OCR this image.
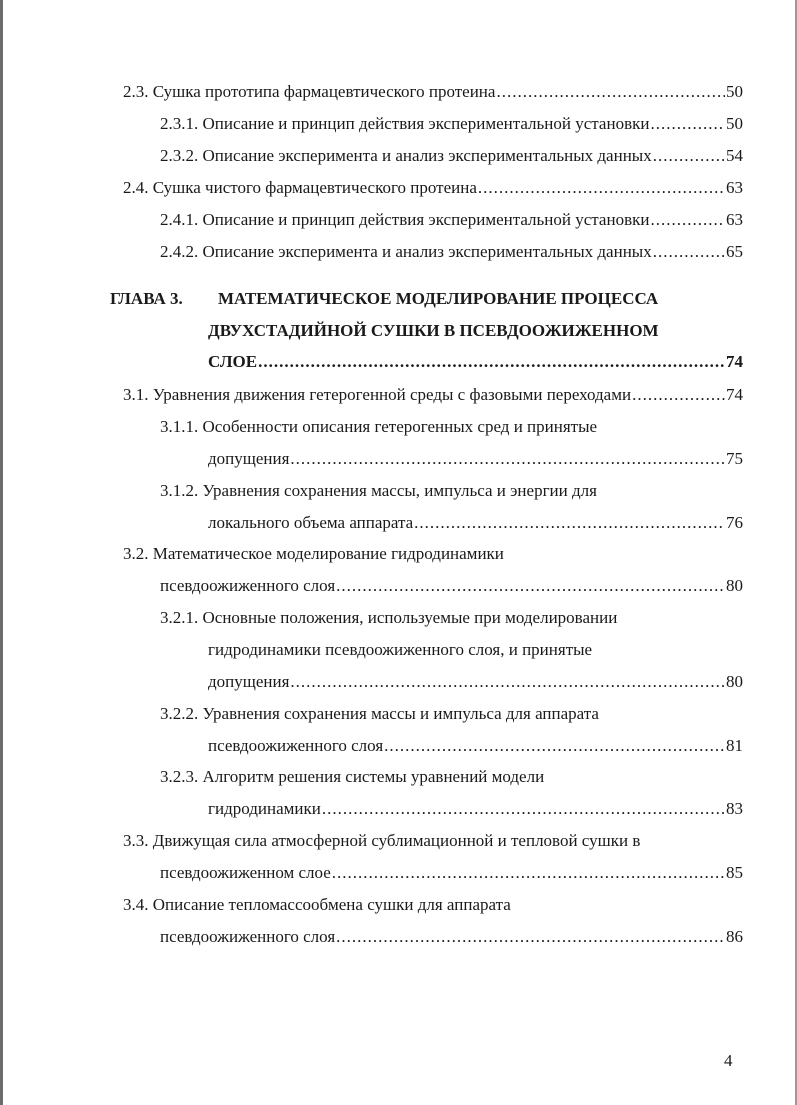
2.3. Сушка прототипа фармацевтического протеина .....	50
2.3.1. Описание и принцип действия экспериментальной установки .....	50
2.3.2. Описание эксперимента и анализ экспериментальных данных .....	54
2.4. Сушка чистого фармацевтического протеина .....	63
2.4.1. Описание и принцип действия экспериментальной установки .....	63
2.4.2. Описание эксперимента и анализ экспериментальных данных .....	65
ГЛАВА 3.	МАТЕМАТИЧЕСКОЕ МОДЕЛИРОВАНИЕ ПРОЦЕССА
ДВУХСТАДИЙНОЙ СУШКИ В ПСЕВДООЖИЖЕННОМ
СЛОЕ .....	74
3.1. Уравнения движения гетерогенной среды с фазовыми переходами .....	74
3.1.1. Особенности описания гетерогенных сред и принятые
допущения .....	75
3.1.2. Уравнения сохранения массы, импульса и энергии для
локального объема аппарата .....	76
3.2. Математическое моделирование гидродинамики
псевдоожиженного слоя .....	80
3.2.1. Основные положения, используемые при моделировании
гидродинамики псевдоожиженного слоя, и принятые
допущения .....	80
3.2.2. Уравнения сохранения массы и импульса для аппарата
псевдоожиженного слоя .....	81
3.2.3. Алгоритм решения системы уравнений модели
гидродинамики .....	83
3.3. Движущая сила атмосферной сублимационной и тепловой сушки в
псевдоожиженном слое .....	85
3.4. Описание тепломассообмена сушки для аппарата
псевдоожиженного слоя .....	86
4
